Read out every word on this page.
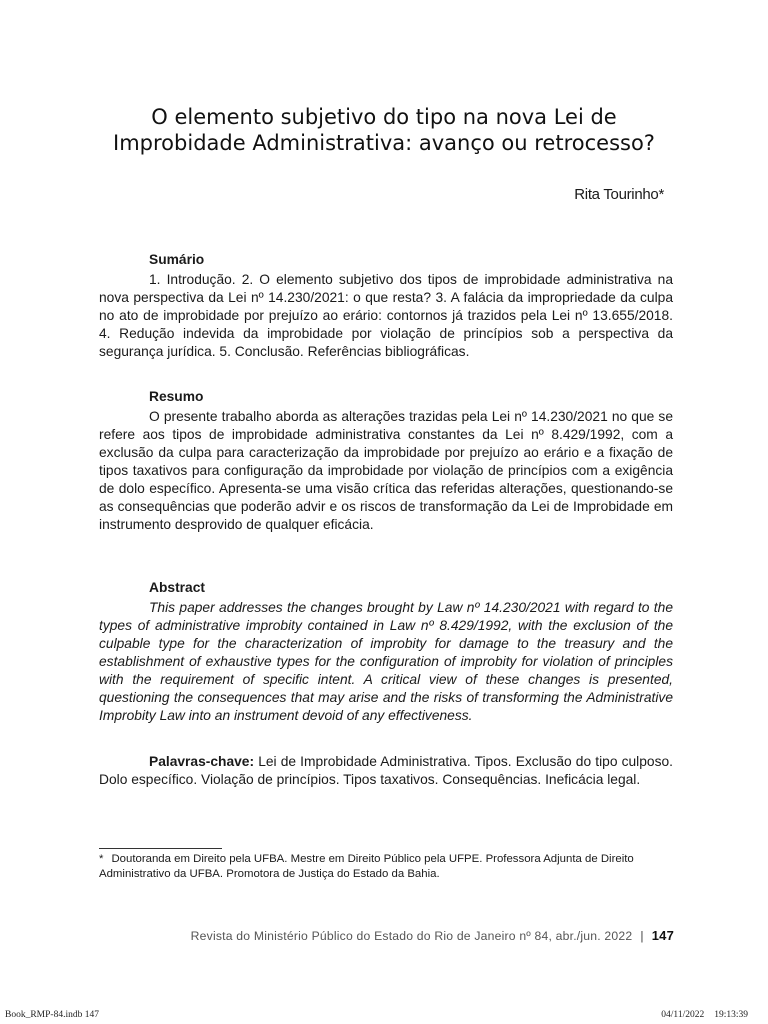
O elemento subjetivo do tipo na nova Lei de
Improbidade Administrativa: avanço ou retrocesso?
Rita Tourinho*
Sumário

1. Introdução. 2. O elemento subjetivo dos tipos de improbidade administrativa na nova perspectiva da Lei nº 14.230/2021: o que resta? 3. A falácia da impropriedade da culpa no ato de improbidade por prejuízo ao erário: contornos já trazidos pela Lei nº 13.655/2018. 4. Redução indevida da improbidade por violação de princípios sob a perspectiva da segurança jurídica. 5. Conclusão. Referências bibliográficas.

Resumo

O presente trabalho aborda as alterações trazidas pela Lei nº 14.230/2021 no que se refere aos tipos de improbidade administrativa constantes da Lei nº 8.429/1992, com a exclusão da culpa para caracterização da improbidade por prejuízo ao erário e a fixação de tipos taxativos para configuração da improbidade por violação de princípios com a exigência de dolo específico. Apresenta-se uma visão crítica das referidas alterações, questionando-se as consequências que poderão advir e os riscos de transformação da Lei de Improbidade em instrumento desprovido de qualquer eficácia.

Abstract

This paper addresses the changes brought by Law nº 14.230/2021 with regard to the types of administrative improbity contained in Law nº 8.429/1992, with the exclusion of the culpable type for the characterization of improbity for damage to the treasury and the establishment of exhaustive types for the configuration of improbity for violation of principles with the requirement of specific intent. A critical view of these changes is presented, questioning the consequences that may arise and the risks of transforming the Administrative Improbity Law into an instrument devoid of any effectiveness.

Palavras-chave: Lei de Improbidade Administrativa. Tipos. Exclusão do tipo culposo. Dolo específico. Violação de princípios. Tipos taxativos. Consequências. Ineficácia legal.

* Doutoranda em Direito pela UFBA. Mestre em Direito Público pela UFPE. Professora Adjunta de Direito Administrativo da UFBA. Promotora de Justiça do Estado da Bahia.
Revista do Ministério Público do Estado do Rio de Janeiro nº 84, abr./jun. 2022 | 147
Book_RMP-84.indb 147	04/11/2022 19:13:39
